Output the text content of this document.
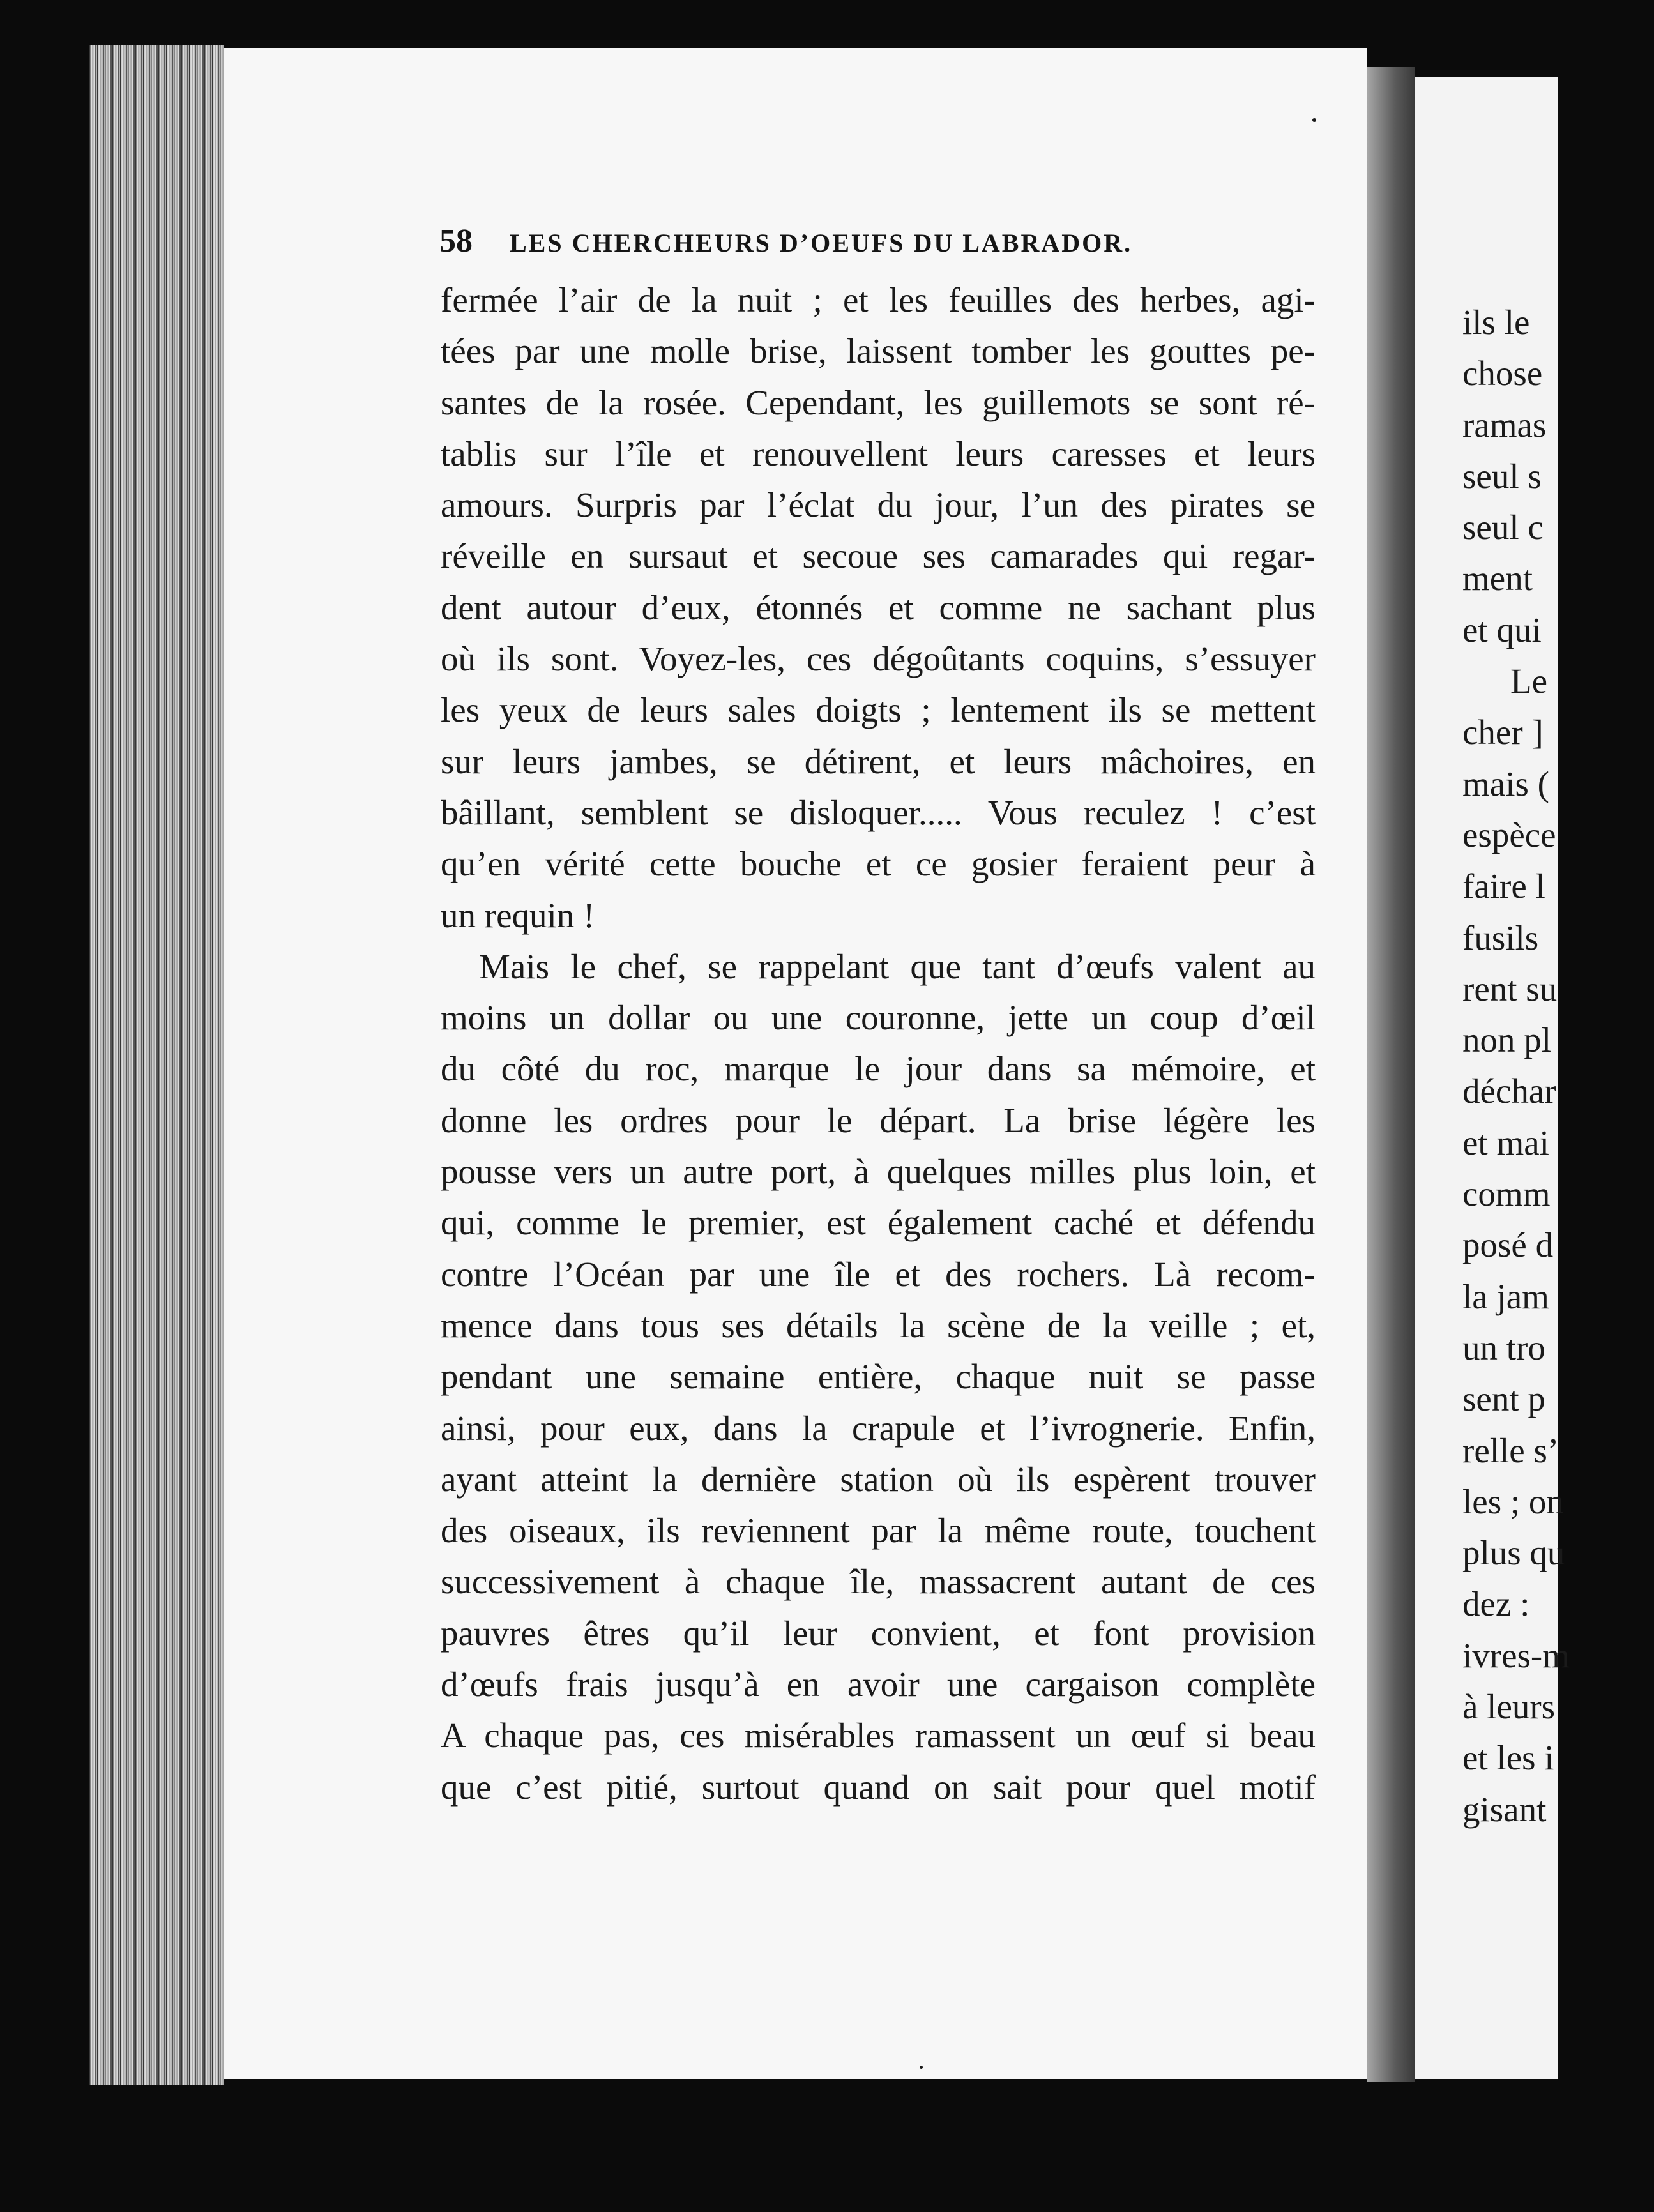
58 LES CHERCHEURS D’OEUFS DU LABRADOR.
fermée l’air de la nuit ; et les feuilles des herbes, agi-
tées par une molle brise, laissent tomber les gouttes pe-
santes de la rosée. Cependant, les guillemots se sont ré-
tablis sur l’île et renouvellent leurs caresses et leurs
amours. Surpris par l’éclat du jour, l’un des pirates se
réveille en sursaut et secoue ses camarades qui regar-
dent autour d’eux, étonnés et comme ne sachant plus
où ils sont. Voyez-les, ces dégoûtants coquins, s’essuyer
les yeux de leurs sales doigts ; lentement ils se mettent
sur leurs jambes, se détirent, et leurs mâchoires, en
bâillant, semblent se disloquer..... Vous reculez ! c’est
qu’en vérité cette bouche et ce gosier feraient peur à
un requin !
Mais le chef, se rappelant que tant d’œufs valent au
moins un dollar ou une couronne, jette un coup d’œil
du côté du roc, marque le jour dans sa mémoire, et
donne les ordres pour le départ. La brise légère les
pousse vers un autre port, à quelques milles plus loin, et
qui, comme le premier, est également caché et défendu
contre l’Océan par une île et des rochers. Là recom-
mence dans tous ses détails la scène de la veille ; et,
pendant une semaine entière, chaque nuit se passe
ainsi, pour eux, dans la crapule et l’ivrognerie. Enfin,
ayant atteint la dernière station où ils espèrent trouver
des oiseaux, ils reviennent par la même route, touchent
successivement à chaque île, massacrent autant de ces
pauvres êtres qu’il leur convient, et font provision
d’œufs frais jusqu’à en avoir une cargaison complète
A chaque pas, ces misérables ramassent un œuf si beau
que c’est pitié, surtout quand on sait pour quel motif
ils le
chose
ramas
seul s
seul c
ment
et qui
Le
cher ]
mais (
espèce
faire l
fusils
rent su
non pl
déchar
et mai
comm
posé d
la jam
un tro
sent p
relle s’
les ; on
plus qu
dez :
ivres-m
à leurs
et les i
gisant
